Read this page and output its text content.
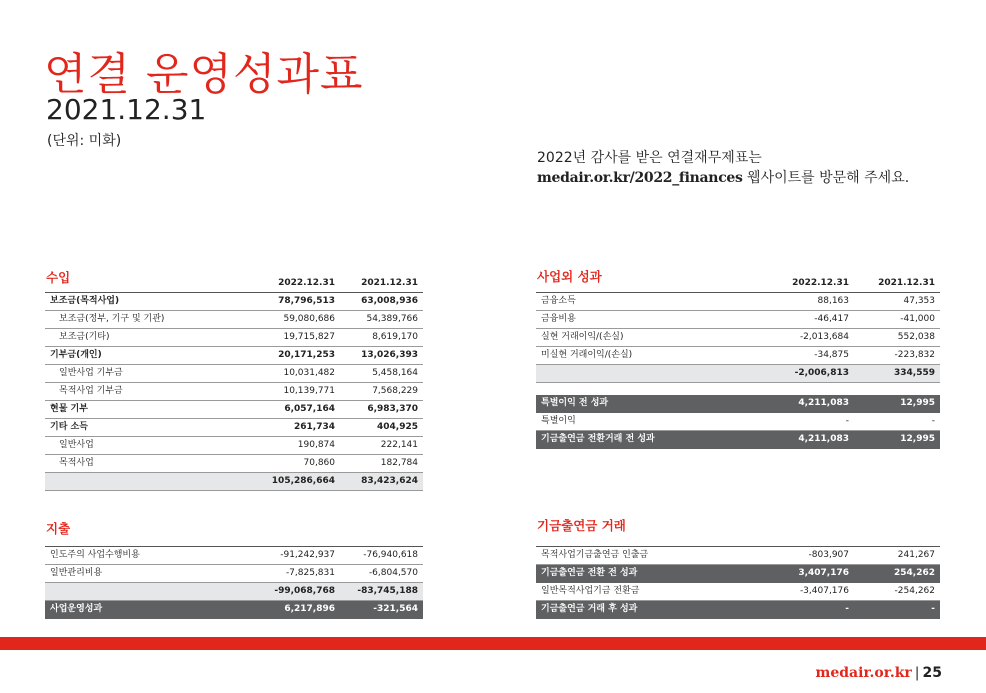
연결 운영성과표
2021.12.31
(단위: 미화)
2022년 감사를 받은 연결재무제표는
medair.or.kr/2022_finances 웹사이트를 방문해 주세요.
수입
		2022.12.31	2021.12.31
보조금(목적사업)	78,796,513	63,008,936
보조금(정부, 기구 및 기관)	59,080,686	54,389,766
보조금(기타)	19,715,827	8,619,170
기부금(개인)	20,171,253	13,026,393
일반사업 기부금	10,031,482	5,458,164
목적사업 기부금	10,139,771	7,568,229
현물 기부	6,057,164	6,983,370
기타 소득	261,734	404,925
일반사업	190,874	222,141
목적사업	70,860	182,784
	105,286,664	83,423,624
지출
인도주의 사업수행비용	-91,242,937	-76,940,618
일반관리비용	-7,825,831	-6,804,570
	-99,068,768	-83,745,188
사업운영성과	6,217,896	-321,564
사업외 성과
		2022.12.31	2021.12.31
금융소득	88,163	47,353
금융비용	-46,417	-41,000
실현 거래이익/(손실)	-2,013,684	552,038
미실현 거래이익/(손실)	-34,875	-223,832
	-2,006,813	334,559

특별이익 전 성과	4,211,083	12,995
특별이익	-	-
기금출연금 전환거래 전 성과	4,211,083	12,995
기금출연금 거래
목적사업기금출연금 인출금	-803,907	241,267
기금출연금 전환 전 성과	3,407,176	254,262
일반목적사업기금 전환금	-3,407,176	-254,262
기금출연금 거래 후 성과	-	-
medair.or.kr | 25
